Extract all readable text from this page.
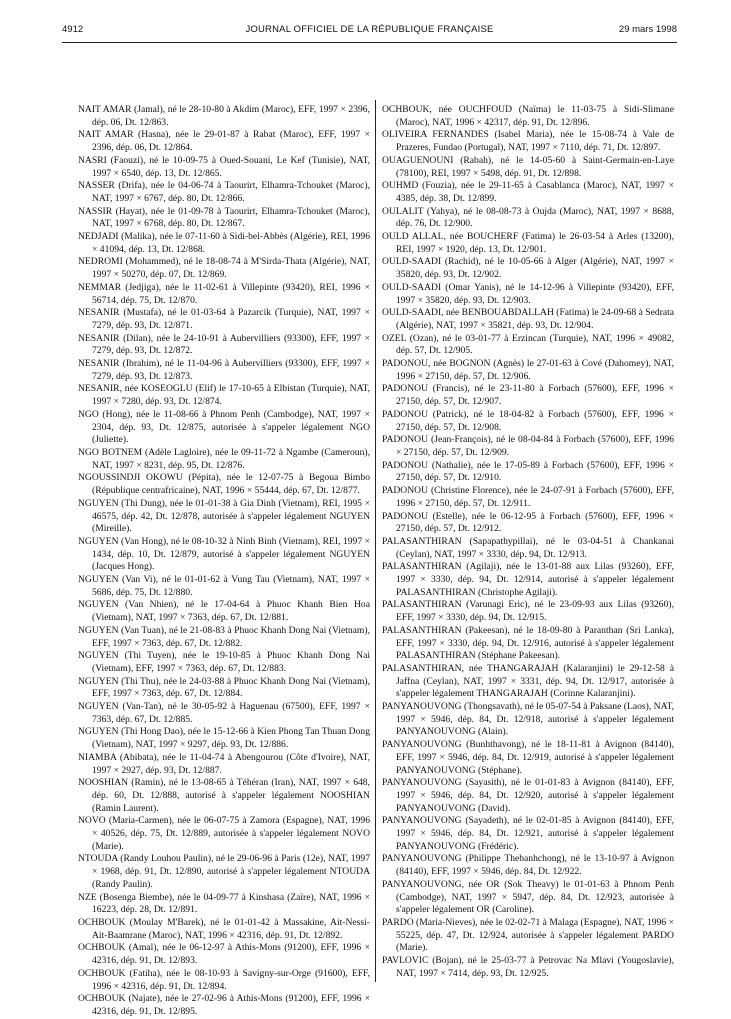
4912	JOURNAL OFFICIEL DE LA RÉPUBLIQUE FRANÇAISE	29 mars 1998

NAIT AMAR (Jamal), né le 28-10-80 à Akdim (Maroc), EFF, 1997 × 2396, dép. 06, Dt. 12/863.

NAIT AMAR (Hasna), née le 29-01-87 à Rabat (Maroc), EFF, 1997 × 2396, dép. 06, Dt. 12/864.

NASRI (Faouzi), né le 10-09-75 à Oued-Souani, Le Kef (Tunisie), NAT, 1997 × 6540, dép. 13, Dt. 12/865.

NASSER (Drifa), née le 04-06-74 à Taourirt, Elhamra-Tchouket (Maroc), NAT, 1997 × 6767, dép. 80, Dt. 12/866.

NASSIR (Hayat), née le 01-09-78 à Taourirt, Elhamra-Tchouket (Maroc), NAT, 1997 × 6768, dép. 80, Dt. 12/867.

NEDJADI (Malika), née le 07-11-60 à Sidi-bel-Abbès (Algérie), REI, 1996 × 41094, dép. 13, Dt. 12/868.

NEDROMI (Mohammed), né le 18-08-74 à M'Sirda-Thata (Algérie), NAT, 1997 × 50270, dép. 07, Dt. 12/869.

NEMMAR (Jedjiga), née le 11-02-61 à Villepinte (93420), REI, 1996 × 56714, dép. 75, Dt. 12/870.

NESANIR (Mustafa), né le 01-03-64 à Pazarcik (Turquie), NAT, 1997 × 7279, dép. 93, Dt. 12/871.

NESANIR (Dilan), née le 24-10-91 à Aubervilliers (93300), EFF, 1997 × 7279, dép. 93, Dt. 12/872.

NESANIR (Ibrahim), né le 11-04-96 à Aubervilliers (93300), EFF, 1997 × 7279, dép. 93, Dt. 12/873.

NESANIR, née KOSEOGLU (Elif) le 17-10-65 à Elbistan (Turquie), NAT, 1997 × 7280, dép. 93, Dt. 12/874.

NGO (Hong), née le 11-08-66 à Phnom Penh (Cambodge), NAT, 1997 × 2304, dép. 93, Dt. 12/875, autorisée à s'appeler légalement NGO (Juliette).

NGO BOTNEM (Adèle Lagloire), née le 09-11-72 à Ngambe (Cameroun), NAT, 1997 × 8231, dép. 95, Dt. 12/876.

NGOUSSINDJI OKOWU (Pépita), née le 12-07-75 à Begoua Bimbo (République centrafricaine), NAT, 1996 × 55444, dép. 67, Dt. 12/877.

NGUYEN (Thi Dung), née le 01-01-38 à Gia Dinh (Vietnam), REI, 1995 × 46575, dép. 42, Dt. 12/878, autorisée à s'appeler légalement NGUYEN (Mireille).

NGUYEN (Van Hong), né le 08-10-32 à Ninh Binh (Vietnam), REI, 1997 × 1434, dép. 10, Dt. 12/879, autorisé à s'appeler légalement NGUYEN (Jacques Hong).

NGUYEN (Van Vi), né le 01-01-62 à Vung Tau (Vietnam), NAT, 1997 × 5686, dép. 75, Dt. 12/880.

NGUYEN (Van Nhien), né le 17-04-64 à Phuoc Khanh Bien Hoa (Vietnam), NAT, 1997 × 7363, dép. 67, Dt. 12/881.

NGUYEN (Van Tuan), né le 21-08-83 à Phuoc Khanh Dong Nai (Vietnam), EFF, 1997 × 7363, dép. 67, Dt. 12/882.

NGUYEN (Thi Tuyen), née le 19-10-85 à Phuoc Khanh Dong Nai (Vietnam), EFF, 1997 × 7363, dép. 67, Dt. 12/883.

NGUYEN (Thi Thu), née le 24-03-88 à Phuoc Khanh Dong Nai (Vietnam), EFF, 1997 × 7363, dép. 67, Dt. 12/884.

NGUYEN (Van-Tan), né le 30-05-92 à Haguenau (67500), EFF, 1997 × 7363, dép. 67, Dt. 12/885.

NGUYEN (Thi Hong Dao), née le 15-12-66 à Kien Phong Tan Thuan Dong (Vietnam), NAT, 1997 × 9297, dép. 93, Dt. 12/886.

NIAMBA (Abibata), née le 11-04-74 à Abengourou (Côte d'Ivoire), NAT, 1997 × 2927, dép. 93, Dt. 12/887.

NOOSHIAN (Ramin), né le 13-08-65 à Téhéran (Iran), NAT, 1997 × 648, dép. 60, Dt. 12/888, autorisé à s'appeler légalement NOOSHIAN (Ramin Laurent).

NOVO (Maria-Carmen), née le 06-07-75 à Zamora (Espagne), NAT, 1996 × 40526, dép. 75, Dt. 12/889, autorisée à s'appeler légalement NOVO (Marie).

NTOUDA (Randy Louhou Paulin), né le 29-06-96 à Paris (12e), NAT, 1997 × 1968, dép. 91, Dt. 12/890, autorisé à s'appeler légalement NTOUDA (Randy Paulin).

NZE (Bosenga Biembe), née le 04-09-77 à Kinshasa (Zaïre), NAT, 1996 × 16223, dép. 28, Dt. 12/891.

OCHBOUK (Moulay M'Barek), né le 01-01-42 à Massakine, Ait-Nessi-Ait-Baamrane (Maroc), NAT, 1996 × 42316, dép. 91, Dt. 12/892.

OCHBOUK (Amal), née le 06-12-97 à Athis-Mons (91200), EFF, 1996 × 42316, dép. 91, Dt. 12/893.

OCHBOUK (Fatiha), née le 08-10-93 à Savigny-sur-Orge (91600), EFF, 1996 × 42316, dép. 91, Dt. 12/894.

OCHBOUK (Najate), née le 27-02-96 à Athis-Mons (91200), EFF, 1996 × 42316, dép. 91, Dt. 12/895.

OCHBOUK, née OUCHFOUD (Naïma) le 11-03-75 à Sidi-Slimane (Maroc), NAT, 1996 × 42317, dép. 91, Dt. 12/896.

OLIVEIRA FERNANDES (Isabel Maria), née le 15-08-74 à Vale de Prazeres, Fundao (Portugal), NAT, 1997 × 7110, dép. 71, Dt. 12/897.

OUAGUENOUNI (Rabah), né le 14-05-60 à Saint-Germain-en-Laye (78100), REI, 1997 × 5498, dép. 91, Dt. 12/898.

OUHMD (Fouzia), née le 29-11-65 à Casablanca (Maroc), NAT, 1997 × 4385, dép. 38, Dt. 12/899.

OULALIT (Yahya), né le 08-08-73 à Oujda (Maroc), NAT, 1997 × 8688, dép. 76, Dt. 12/900.

OULD ALLAL, née BOUCHERF (Fatima) le 26-03-54 à Arles (13200), REI, 1997 × 1920, dép. 13, Dt. 12/901.

OULD-SAADI (Rachid), né le 10-05-66 à Alger (Algérie), NAT, 1997 × 35820, dép. 93, Dt. 12/902.

OULD-SAADI (Omar Yanis), né le 14-12-96 à Villepinte (93420), EFF, 1997 × 35820, dép. 93, Dt. 12/903.

OULD-SAADI, née BENBOUABDALLAH (Fatima) le 24-09-68 à Sedrata (Algérie), NAT, 1997 × 35821, dép. 93, Dt. 12/904.

OZEL (Ozan), né le 03-01-77 à Erzincan (Turquie), NAT, 1996 × 49082, dép. 57, Dt. 12/905.

PADONOU, née BOGNON (Agnès) le 27-01-63 à Cové (Dahomey), NAT, 1996 × 27150, dép. 57, Dt. 12/906.

PADONOU (Francis), né le 23-11-80 à Forbach (57600), EFF, 1996 × 27150, dép. 57, Dt. 12/907.

PADONOU (Patrick), né le 18-04-82 à Forbach (57600), EFF, 1996 × 27150, dép. 57, Dt. 12/908.

PADONOU (Jean-François), né le 08-04-84 à Forbach (57600), EFF, 1996 × 27150, dép. 57, Dt. 12/909.

PADONOU (Nathalie), née le 17-05-89 à Forbach (57600), EFF, 1996 × 27150, dép. 57, Dt. 12/910.

PADONOU (Christine Florence), née le 24-07-91 à Forbach (57600), EFF, 1996 × 27150, dép. 57, Dt. 12/911.

PADONOU (Estelle), née le 06-12-95 à Forbach (57600), EFF, 1996 × 27150, dép. 57, Dt. 12/912.

PALASANTHIRAN (Sapapathypillai), né le 03-04-51 à Chankanai (Ceylan), NAT, 1997 × 3330, dép. 94, Dt. 12/913.

PALASANTHIRAN (Agilaji), née le 13-01-88 aux Lilas (93260), EFF, 1997 × 3330, dép. 94, Dt. 12/914, autorisé à s'appeler légalement PALASANTHIRAN (Christophe Agilaji).

PALASANTHIRAN (Varunagi Eric), né le 23-09-93 aux Lilas (93260), EFF, 1997 × 3330, dép. 94, Dt. 12/915.

PALASANTHIRAN (Pakeesan), né le 18-09-80 à Paranthan (Sri Lanka), EFF, 1997 × 3330, dép. 94, Dt. 12/916, autorisé à s'appeler légalement PALASANTHIRAN (Stéphane Pakeesan).

PALASANTHIRAN, née THANGARAJAH (Kalaranjini) le 29-12-58 à Jaffna (Ceylan), NAT, 1997 × 3331, dép. 94, Dt. 12/917, autorisée à s'appeler légalement THANGARAJAH (Corinne Kalaranjini).

PANYANOUVONG (Thongsavath), né le 05-07-54 à Paksane (Laos), NAT, 1997 × 5946, dép. 84, Dt. 12/918, autorisé à s'appeler légalement PANYANOUVONG (Alain).

PANYANOUVONG (Bunhthavong), né le 18-11-81 à Avignon (84140), EFF, 1997 × 5946, dép. 84, Dt. 12/919, autorisé à s'appeler légalement PANYANOUVONG (Stéphane).

PANYANOUVONG (Sayasith), né le 01-01-83 à Avignon (84140), EFF, 1997 × 5946, dép. 84, Dt. 12/920, autorisé à s'appeler légalement PANYANOUVONG (David).

PANYANOUVONG (Sayadeth), né le 02-01-85 à Avignon (84140), EFF, 1997 × 5946, dép. 84, Dt. 12/921, autorisé à s'appeler légalement PANYANOUVONG (Frédéric).

PANYANOUVONG (Philippe Thebanhchong), né le 13-10-97 à Avignon (84140), EFF, 1997 × 5946, dép. 84, Dt. 12/922.

PANYANOUVONG, née OR (Sok Theavy) le 01-01-63 à Phnom Penh (Cambodge), NAT, 1997 × 5947, dép. 84, Dt. 12/923, autorisée à s'appeler légalement OR (Caroline).

PARDO (Maria-Nieves), née le 02-02-71 à Malaga (Espagne), NAT, 1996 × 55225, dép. 47, Dt. 12/924, autorisée à s'appeler légalement PARDO (Marie).

PAVLOVIC (Bojan), né le 25-03-77 à Petrovac Na Mlavi (Yougoslavie), NAT, 1997 × 7414, dép. 93, Dt. 12/925.
